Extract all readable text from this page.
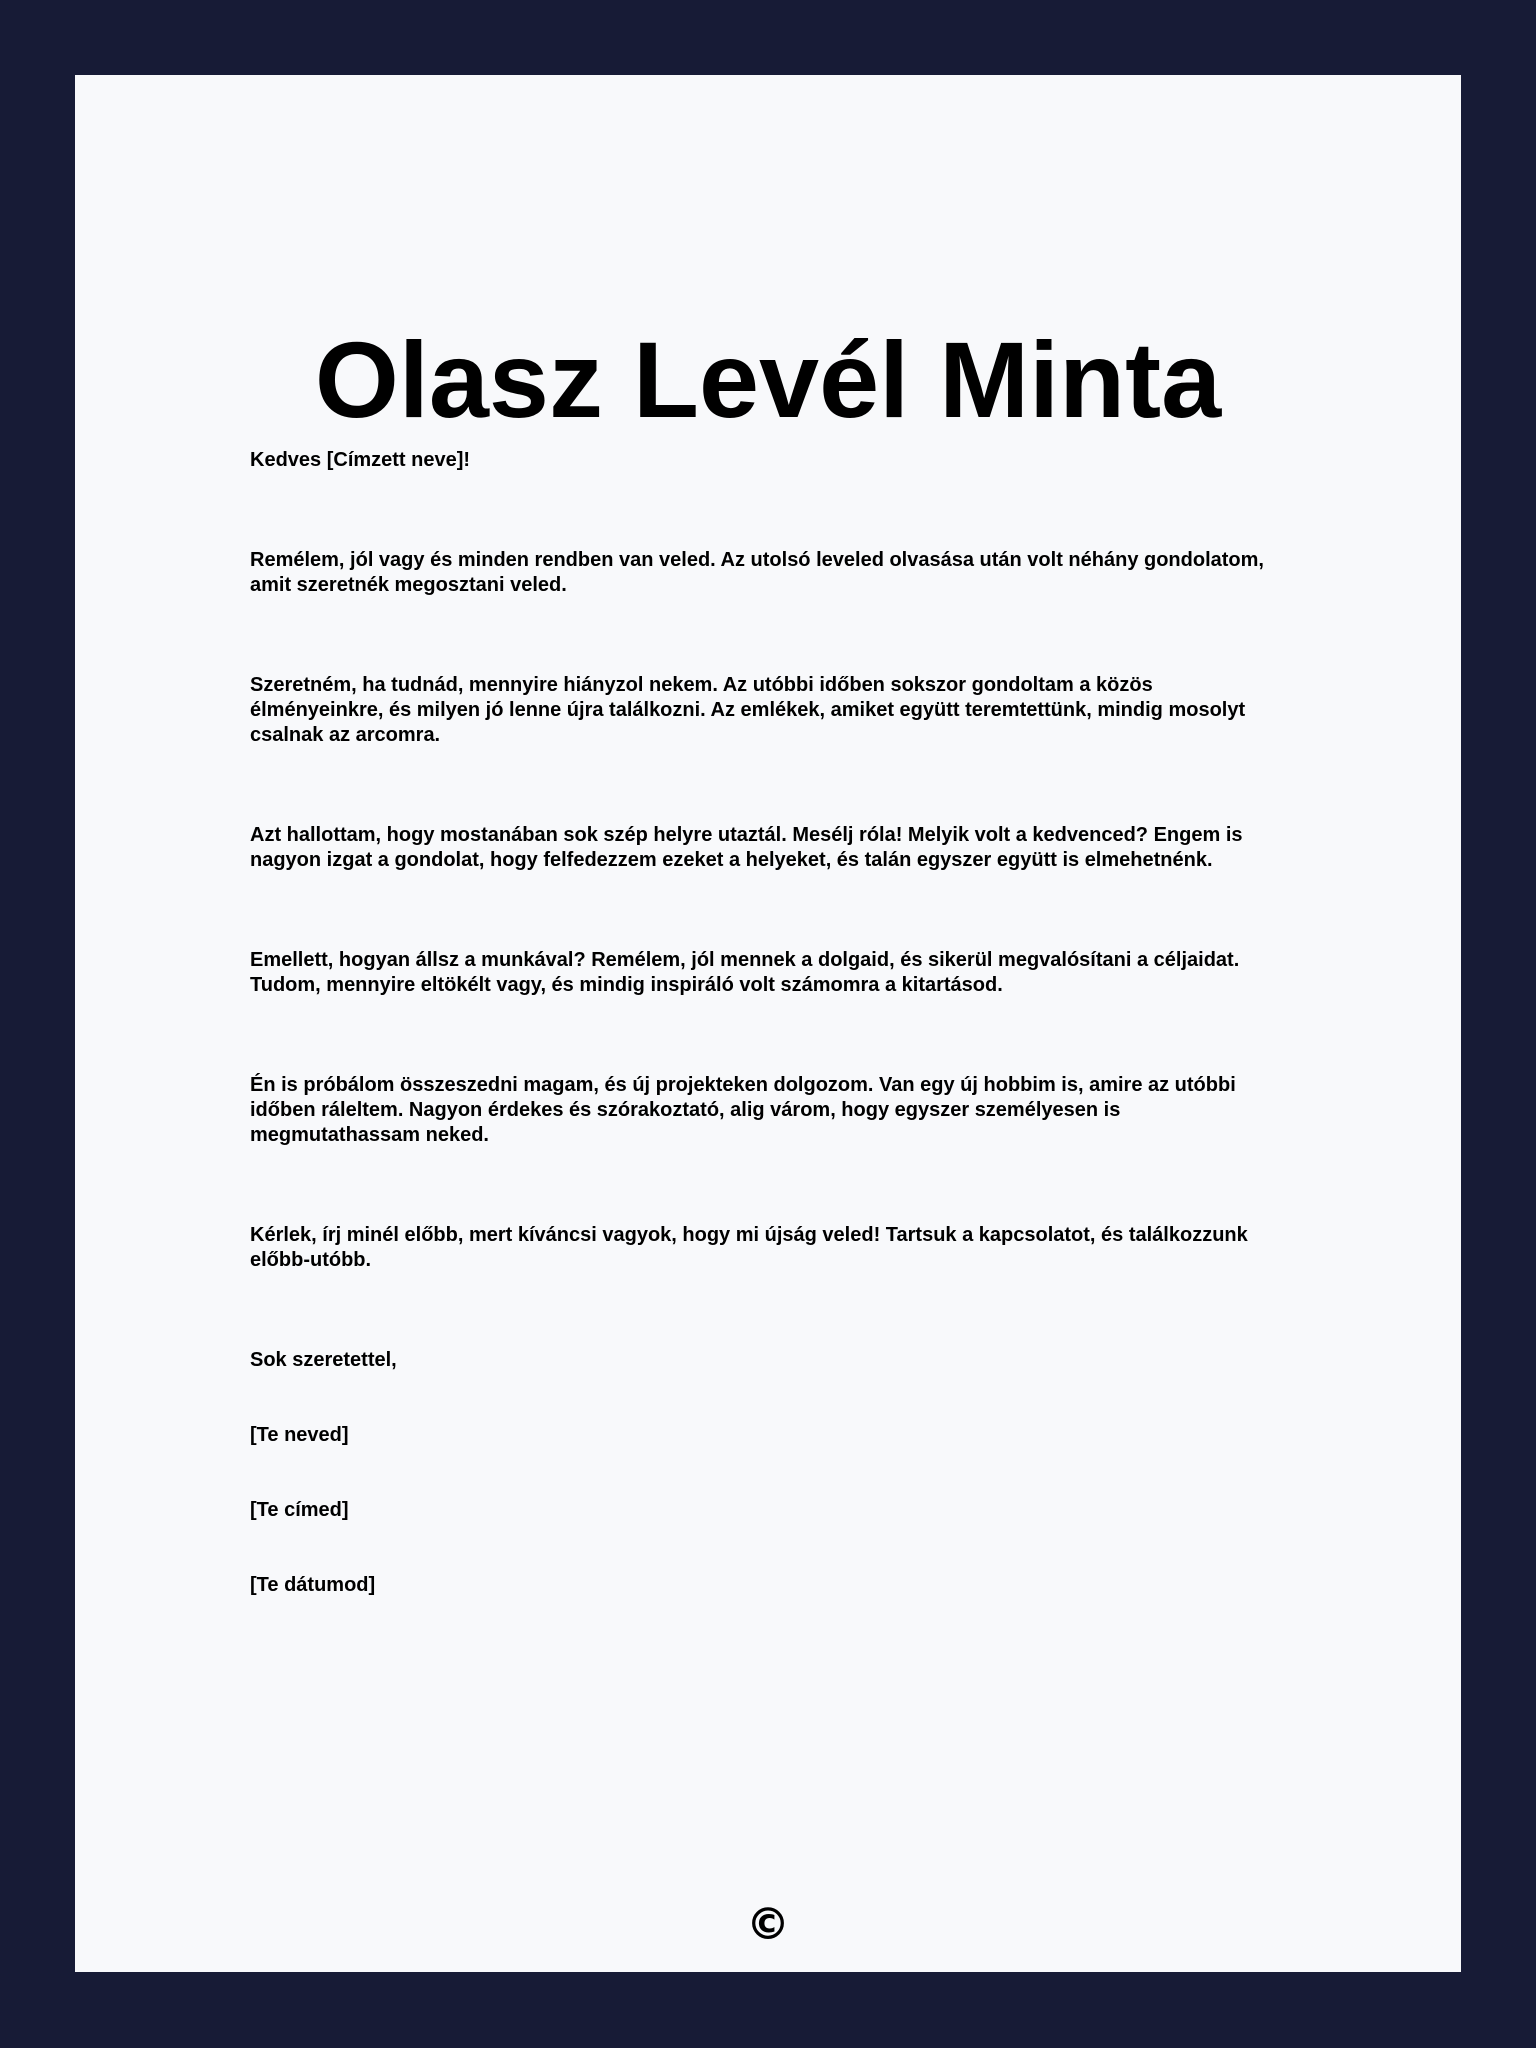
Olasz Levél Minta

Kedves [Címzett neve]!

Remélem, jól vagy és minden rendben van veled. Az utolsó leveled olvasása után volt néhány gondolatom, amit szeretnék megosztani veled.

Szeretném, ha tudnád, mennyire hiányzol nekem. Az utóbbi időben sokszor gondoltam a közös élményeinkre, és milyen jó lenne újra találkozni. Az emlékek, amiket együtt teremtettünk, mindig mosolyt csalnak az arcomra.

Azt hallottam, hogy mostanában sok szép helyre utaztál. Mesélj róla! Melyik volt a kedvenced? Engem is nagyon izgat a gondolat, hogy felfedezzem ezeket a helyeket, és talán egyszer együtt is elmehetnénk.

Emellett, hogyan állsz a munkával? Remélem, jól mennek a dolgaid, és sikerül megvalósítani a céljaidat. Tudom, mennyire eltökélt vagy, és mindig inspiráló volt számomra a kitartásod.

Én is próbálom összeszedni magam, és új projekteken dolgozom. Van egy új hobbim is, amire az utóbbi időben ráleltem. Nagyon érdekes és szórakoztató, alig várom, hogy egyszer személyesen is megmutathassam neked.

Kérlek, írj minél előbb, mert kíváncsi vagyok, hogy mi újság veled! Tartsuk a kapcsolatot, és találkozzunk előbb-utóbb.

Sok szeretettel,

[Te neved]

[Te címed]

[Te dátumod]

©
